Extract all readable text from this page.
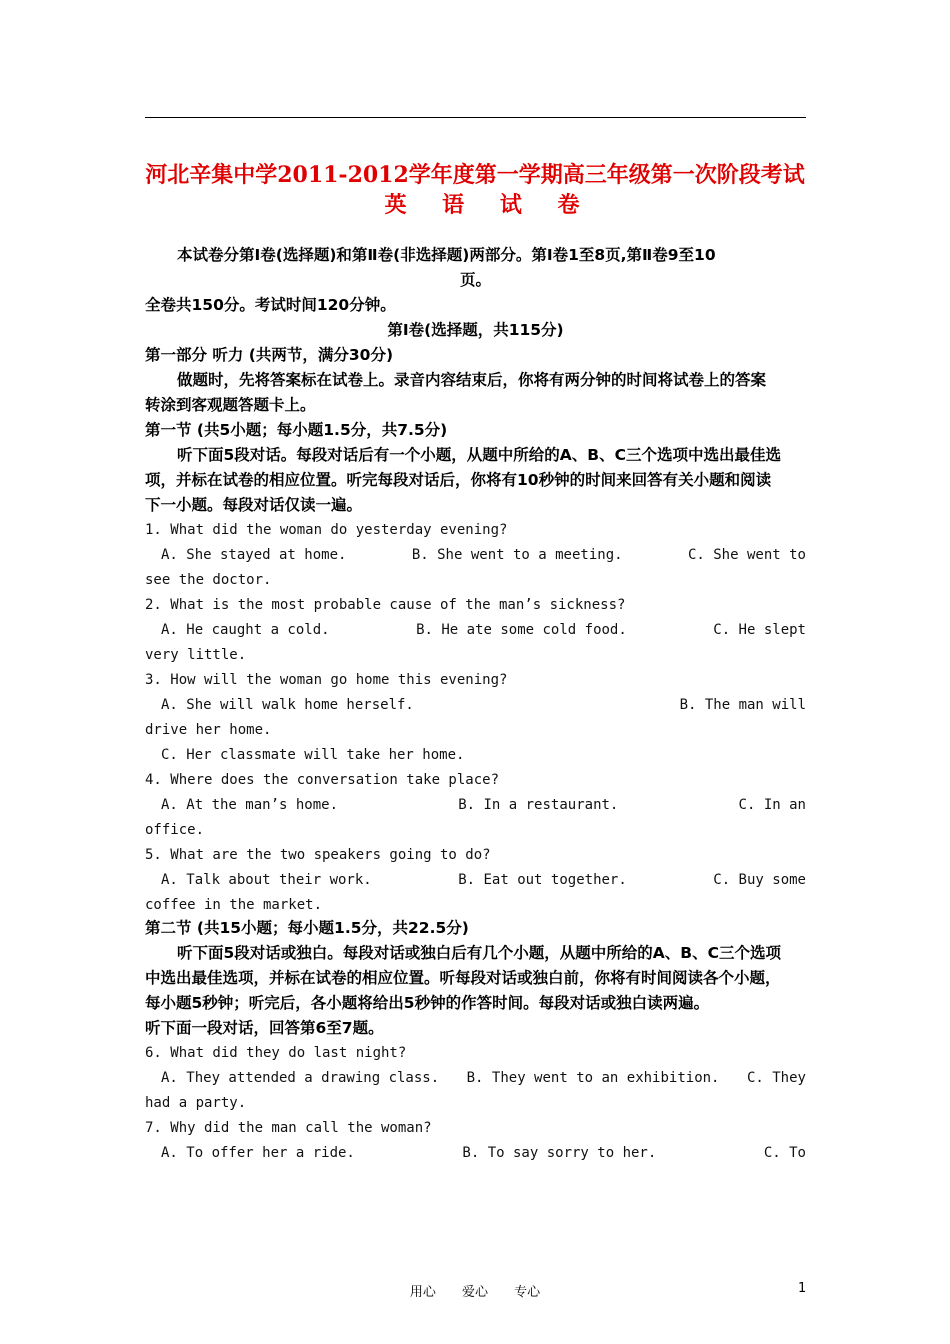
河北辛集中学2011-2012学年度第一学期高三年级第一次阶段考试
英 语 试 卷
本试卷分第Ⅰ卷(选择题)和第Ⅱ卷(非选择题)两部分。第Ⅰ卷1至8页,第Ⅱ卷9至10
页。
全卷共150分。考试时间120分钟。
第Ⅰ卷(选择题，共115分)
第一部分 听力 (共两节，满分30分)
做题时，先将答案标在试卷上。录音内容结束后，你将有两分钟的时间将试卷上的答案
转涂到客观题答题卡上。
第一节 (共5小题；每小题1.5分，共7.5分)
听下面5段对话。每段对话后有一个小题，从题中所给的A、B、C三个选项中选出最佳选
项，并标在试卷的相应位置。听完每段对话后，你将有10秒钟的时间来回答有关小题和阅读
下一小题。每段对话仅读一遍。
1. What did the woman do yesterday evening?
A. She stayed at home.	B. She went to a meeting.	C. She went to
see the doctor.
2. What is the most probable cause of the man’s sickness?
A. He caught a cold.	B. He ate some cold food.	C. He slept
very little.
3. How will the woman go home this evening?
A. She will walk home herself.	B. The man will
drive her home.
C. Her classmate will take her home.
4. Where does the conversation take place?
A. At the man’s home.	B. In a restaurant.	C. In an
office.
5. What are the two speakers going to do?
A. Talk about their work.	B. Eat out together.	C. Buy some
coffee in the market.
第二节 (共15小题；每小题1.5分，共22.5分)
听下面5段对话或独白。每段对话或独白后有几个小题，从题中所给的A、B、C三个选项
中选出最佳选项，并标在试卷的相应位置。听每段对话或独白前，你将有时间阅读各个小题，
每小题5秒钟；听完后，各小题将给出5秒钟的作答时间。每段对话或独白读两遍。
听下面一段对话，回答第6至7题。
6. What did they do last night?
A. They attended a drawing class. B. They went to an exhibition. C. They
had a party.
7. Why did the man call the woman?
A. To offer her a ride.	B. To say sorry to her.	C. To
用心 爱心 专心	1
